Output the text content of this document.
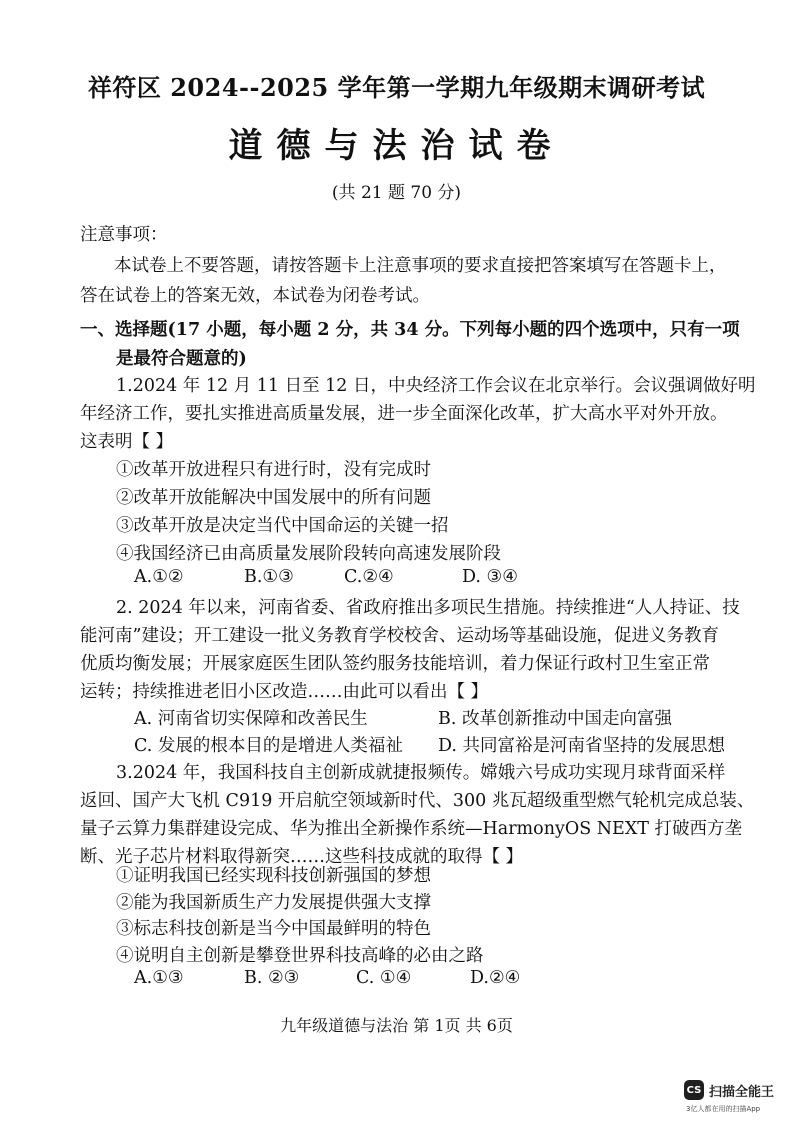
祥符区 2024--2025 学年第一学期九年级期末调研考试
道德与法治试卷
(共 21 题 70 分)
注意事项：
本试卷上不要答题，请按答题卡上注意事项的要求直接把答案填写在答题卡上，
答在试卷上的答案无效，本试卷为闭卷考试。
一、选择题(17 小题，每小题 2 分，共 34 分。下列每小题的四个选项中，只有一项
是最符合题意的)
1.2024 年 12 月 11 日至 12 日，中央经济工作会议在北京举行。会议强调做好明
年经济工作，要扎实推进高质量发展，进一步全面深化改革，扩大高水平对外开放。
这表明【 】
①改革开放进程只有进行时，没有完成时
②改革开放能解决中国发展中的所有问题
③改革开放是决定当代中国命运的关键一招
④我国经济已由高质量发展阶段转向高速发展阶段
A.①②	B.①③	C.②④	D. ③④
2. 2024 年以来，河南省委、省政府推出多项民生措施。持续推进“人人持证、技
能河南”建设；开工建设一批义务教育学校校舍、运动场等基础设施，促进义务教育
优质均衡发展；开展家庭医生团队签约服务技能培训，着力保证行政村卫生室正常
运转；持续推进老旧小区改造……由此可以看出【 】
A. 河南省切实保障和改善民生	B. 改革创新推动中国走向富强
C. 发展的根本目的是增进人类福祉 D. 共同富裕是河南省坚持的发展思想
3.2024 年，我国科技自主创新成就捷报频传。嫦娥六号成功实现月球背面采样
返回、国产大飞机 C919 开启航空领域新时代、300 兆瓦超级重型燃气轮机完成总装、
量子云算力集群建设完成、华为推出全新操作系统—HarmonyOS NEXT 打破西方垄
断、光子芯片材料取得新突……这些科技成就的取得【 】
①证明我国已经实现科技创新强国的梦想
②能为我国新质生产力发展提供强大支撑
③标志科技创新是当今中国最鲜明的特色
④说明自主创新是攀登世界科技高峰的必由之路
A.①③	B. ②③	C. ①④	D.②④
九年级道德与法治 第 1页 共 6页
CS 扫描全能王
3亿人都在用的扫描App
